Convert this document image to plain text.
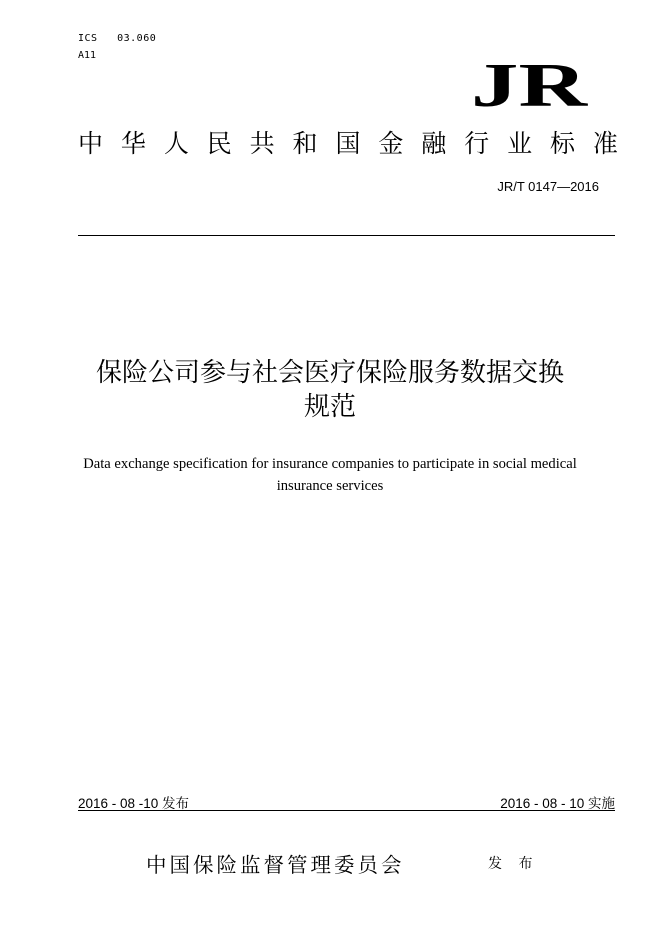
ICS 03.060
A11	JR
中 华 人 民 共 和 国 金 融 行 业 标 准
JR/T 0147—2016
保险公司参与社会医疗保险服务数据交换
规范
Data exchange specification for insurance companies to participate in social medical
insurance services
2016 - 08 -10 发布	2016 - 08 - 10 实施
中国保险监督管理委员会	发 布
